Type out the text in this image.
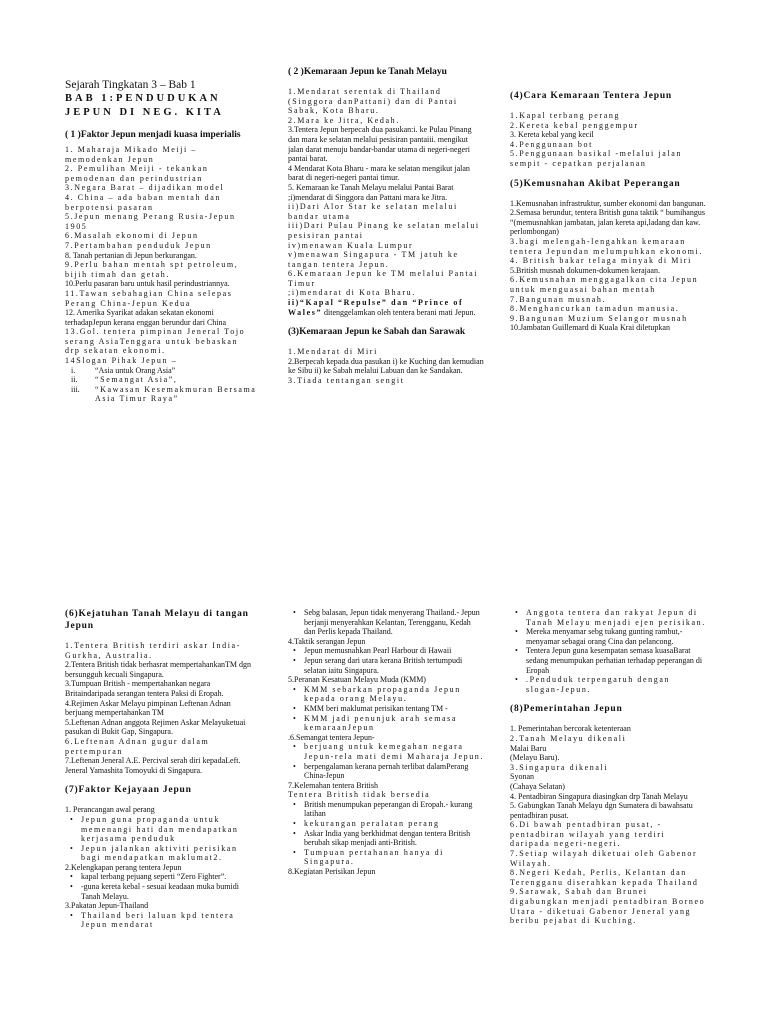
Sejarah Tingkatan 3 – Bab 1

BAB 1:PENDUDUKAN

JEPUN DI NEG. KITA

( 1 )Faktor Jepun menjadi kuasa imperialis

1. Maharaja Mikado Meiji – memodenkan Jepun

2. Pemulihan Meiji - tekankan pemodenan dan perindustrian

3.Negara Barat – dijadikan model

4. China – ada baban mentah dan berpotensi pasaran

5.Jepun menang Perang Rusia-Jepun 1905

6.Masalah ekonomi di Jepun

7.Pertambahan penduduk Jepun

8. Tanah pertanian di Jepun berkurangan.

9.Perlu bahan mentah spt petroleum, bijih timah dan getah.

10.Perlu pasaran baru untuk hasil perindustriannya.

11.Tawan sebahagian China selepas Perang China-Jepun Kedua

12. Amerika Syarikat adakan sekatan ekonomi terhadapJepun kerana enggan berundur dari China

13.Gol. tentera pimpinan Jeneral Tojo serang AsiaTenggara untuk bebaskan drp sekatan ekonomi.

14Slogan Pihak Jepun –

i. “Asia untuk Orang Asia”
ii. “Semangat Asia”,
iii. “Kawasan Kesemakmuran Bersama Asia Timur Raya”

( 2 )Kemaraan Jepun ke Tanah Melayu

1.Mendarat serentak di Thailand (Singgora danPattani) dan di Pantai Sabak, Kota Bharu.

2.Mara ke Jitra, Kedah.

3.Tentera Jepun berpecah dua pasukan:i. ke Pulau Pinang dan mara ke selatan melalui pesisiran pantaiii. mengikut jalan darat menuju bandar-bandar utama di negeri-negeri pantai barat.

4 Mendarat Kota Bharu - mara ke selatan mengikut jalan barat di negeri-negeri pantai timur.

5. Kemaraan ke Tanah Melayu melalui Pantai Barat ;i)mendarat di Singgora dan Pattani mara ke Jitra.

ii)Dari Alor Star ke selatan melalui bandar utama

iii)Dari Pulau Pinang ke selatan melalui pesisiran pantai

iv)menawan Kuala Lumpur

v)menawan Singapura - TM jatuh ke tangan tentera Jepun.

6.Kemaraan Jepun ke TM melalui Pantai Timur

;i)mendarat di Kota Bharu.

ii)“Kapal “Repulse” dan “Prince of Wales” ditenggelamkan oleh tentera berani mati Jepun.

(3)Kemaraan Jepun ke Sabah dan Sarawak

1.Mendarat di Miri

2.Berpecah kepada dua pasukan i) ke Kuching dan kemudian ke Sibu ii) ke Sabah melalui Labuan dan ke Sandakan.

3.Tiada tentangan sengit

(4)Cara Kemaraan Tentera Jepun

1.Kapal terbang perang

2.Kereta kebal penggempur

3. Kereta kebal yang kecil

4.Penggunaan bot

5.Penggunaan basikal -melalui jalan sempit - cepatkan perjalanan

(5)Kemusnahan Akibat Peperangan

1.Kemusnahan infrastruktur, sumber ekonomi dan bangunan.

2.Semasa berundur, tentera British guna taktik “ bumihangus “(memusnahkan jambatan, jalan kereta api,ladang dan kaw. perlombongan)

3.bagi melengah-lengahkan kemaraan tentera Jepundan melumpuhkan ekonomi.

4. British bakar telaga minyak di Miri

5.British musnah dokumen-dokumen kerajaan.

6.Kemusnahan menggagalkan cita Jepun untuk menguasai bahan mentah

7.Bangunan musnah.

8.Menghancurkan tamadun manusia.

9.Bangunan Muzium Selangor musnah

10.Jambatan Guillemard di Kuala Krai diletupkan

(6)Kejatuhan Tanah Melayu di tangan Jepun

1.Tentera British terdiri askar India-Gurkha, Australia.

2.Tentera British tidak berhasrat mempertahankanTM dgn bersungguh kecuali Singapura.

3.Tumpuan British - mempertahankan negara Britaindaripada serangan tentera Paksi di Eropah.

4.Rejimen Askar Melayu pimpinan Leftenan Adnan berjuang mempertahankan TM

5.Leftenan Adnan anggota Rejimen Askar Melayuketuai pasukan di Bukit Gap, Singapura.

6.Leftenan Adnan gugur dalam pertempuran

7.Leftenan Jeneral A.E. Percival serah diri kepadaLeft. Jeneral Yamashita Tomoyuki di Singapura.

(7)Faktor Kejayaan Jepun

1. Perancangan awal perang

• Jepun guna propaganda untuk memenangi hati dan mendapatkan kerjasama penduduk
• Jepun jalankan aktiviti perisikan bagi mendapatkan maklumat2.

2.Kelengkapan perang tentera Jepun

• kapal terbang pejuang seperti “Zero Fighter”.
• -guna kereta kebal - sesuai keadaan muka bumidi Tanah Melayu.

3.Pakatan Jepun-Thailand

• Thailand beri laluan kpd tentera Jepun mendarat
• Sebg balasan, Jepun tidak menyerang Thailand.- Jepun berjanji menyerahkan Kelantan, Terengganu, Kedah dan Perlis kepada Thailand.

4.Taktik serangan Jepun

• Jepun memusnahkan Pearl Harbour di Hawaii
• Jepun serang dari utara kerana British tertumpudi selatan iaitu Singapura.

5.Peranan Kesatuan Melayu Muda (KMM)

• KMM sebarkan propaganda Jepun kepada orang Melayu.
• KMM beri maklumat perisikan tentang TM -
• KMM jadi penunjuk arah semasa kemaraanJepun

.6.Semangat tentera Jepun-

• berjuang untuk kemegahan negara Jepun-rela mati demi Maharaja Jepun.
• berpengalaman kerana pernah terlibat dalamPerang China-Jepun

7.Kelemahan tentera British

Tentera British tidak bersedia

• British menumpukan peperangan di Eropah.- kurang latihan
• kekurangan peralatan perang
• Askar India yang berkhidmat dengan tentera British berubah sikap menjadi anti-British.
• Tumpuan pertahanan hanya di Singapura.

8.Kegiatan Perisikan Jepun

• Anggota tentera dan rakyat Jepun di Tanah Melayu menjadi ejen perisikan.
• Mereka menyamar sebg tukang gunting rambut,-menyamar sebagai orang Cina dan pelancong.
• Tentera Jepun guna kesempatan semasa kuasaBarat sedang menumpukan perhatian terhadap peperangan di Eropah
• .Penduduk terpengaruh dengan slogan-Jepun.

(8)Pemerintahan Jepun

1. Pemerintahan bercorak ketenteraan

2.Tanah Melayu dikenali

Malai Baru

(Melayu Baru).

3.Singapura dikenali

Syonan

(Cahaya Selatan)

4. Pentadbiran Singapura diasingkan drp Tanah Melayu

5. Gabungkan Tanah Melayu dgn Sumatera di bawahsatu pentadbiran pusat.

6.Di bawah pentadbiran pusat, - pentadbiran wilayah yang terdiri daripada negeri-negeri.

7.Setiap wilayah diketuai oleh Gabenor Wilayah.

8.Negeri Kedah, Perlis, Kelantan dan Terengganu diserahkan kepada Thailand

9.Sarawak, Sabah dan Brunei digabungkan menjadi pentadbiran Borneo Utara - diketuai Gabenor Jeneral yang beribu pejabat di Kuching.
